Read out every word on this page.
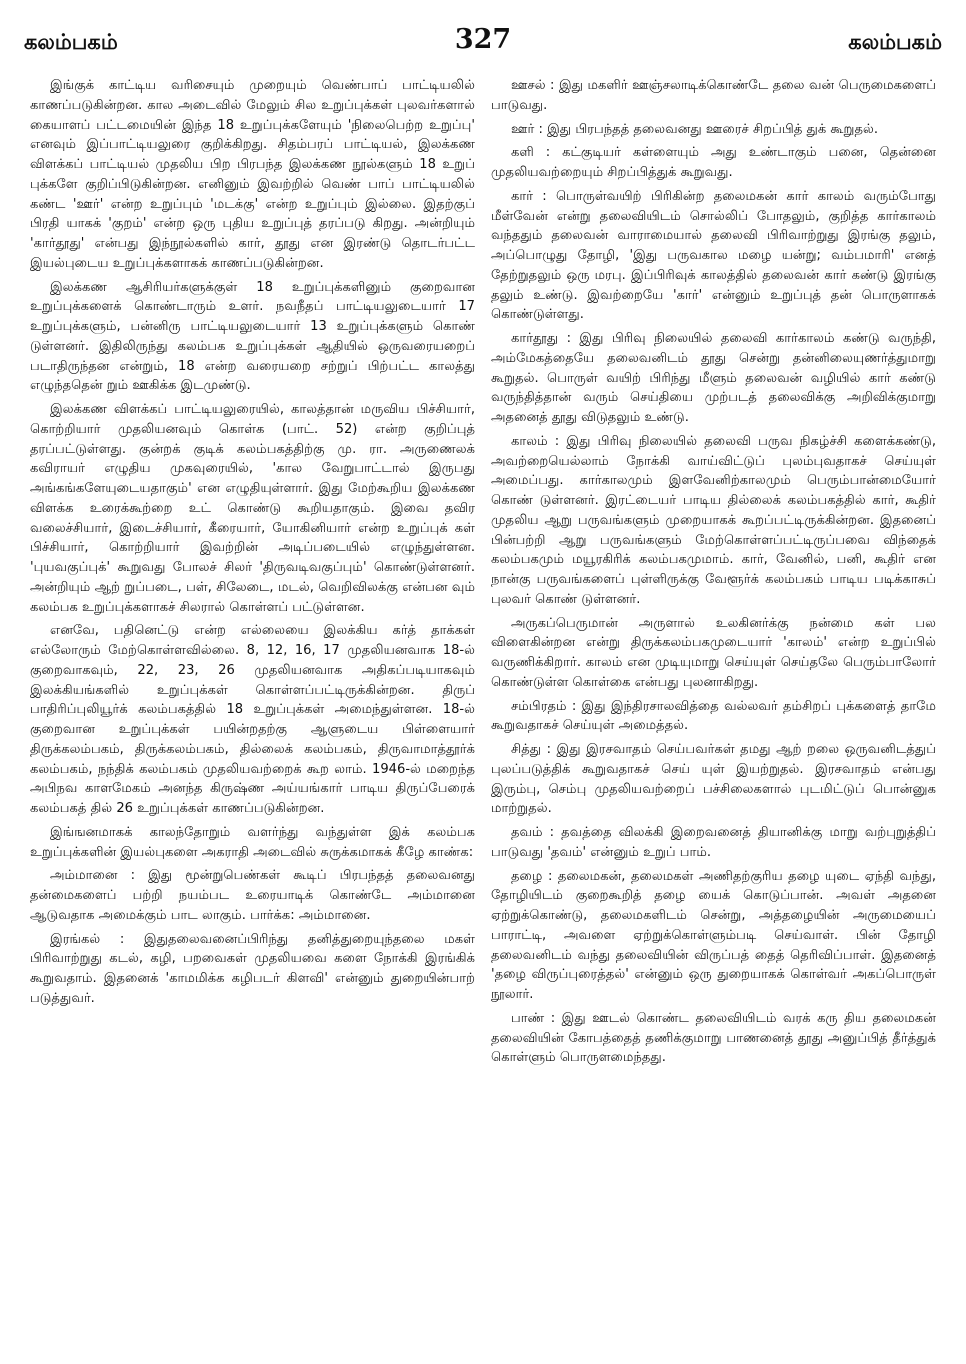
கலம்பகம்	327	கலம்பகம்

இங்குக் காட்டிய வரிசையும் முறையும் வெண்பாப் பாட்டியலில் காணப்படுகின்றன. கால அடைவில் மேலும் சில உறுப்புக்கள் புலவர்களால் கையாளப் பட்டமையின் இந்த 18 உறுப்புக்களேயும் 'நிலைபெற்ற உறுப்பு' எனவும் இப்பாட்டியலுரை குறிக்கிறது. சிதம்பரப் பாட்டியல், இலக்கண விளக்கப் பாட்டியல் முதலிய பிற பிரபந்த இலக்கண நூல்களும் 18 உறுப் புக்களே குறிப்பிடுகின்றன. எனினும் இவற்றில் வெண் பாப் பாட்டியலில் கண்ட 'ஊர்' என்ற உறுப்பும் 'மடக்கு' என்ற உறுப்பும் இல்லை. இதற்குப் பிரதி யாகக் 'குறம்' என்ற ஒரு புதிய உறுப்புத் தரப்படு கிறது. அன்றியும் 'கார்தூது' என்பது இந்நூல்களில் கார், தூது என இரண்டு தொடர்பட்ட இயல்புடைய உறுப்புக்களாகக் காணப்படுகின்றன.

இலக்கண ஆசிரியர்களுக்குள் 18 உறுப்புக்களினும் குறைவான உறுப்புக்களைக் கொண்டாரும் உளர். நவநீதப் பாட்டியலுடையார் 17 உறுப்புக்களும், பன்னிரு பாட்டியலுடையார் 13 உறுப்புக்களும் கொண் டுள்ளனர். இதிலிருந்து கலம்பக உறுப்புக்கள் ஆதியில் ஒருவரையறைப் படாதிருந்தன என்றும், 18 என்ற வரையறை சற்றுப் பிற்பட்ட காலத்து எழுந்ததென் றும் ஊகிக்க இடமுண்டு.

இலக்கண விளக்கப் பாட்டியலுரையில், காலத்தான் மருவிய பிச்சியார், கொற்றியார் முதலியனவும் கொள்க (பாட். 52) என்ற குறிப்புத் தரப்பட்டுள்ளது. குன்றக் குடிக் கலம்பகத்திற்கு மு. ரா. அருணைலக் கவிராயர் எழுதிய முகவுரையில், 'கால வேறுபாட்டால் இருபது அங்கங்களேயுடையதாகும்' என எழுதியுள்ளார். இது மேற்கூறிய இலக்கண விளக்க உரைக்கூற்றை உட் கொண்டு கூறியதாகும். இவை தவிர வலைச்சியார், இடைச்சியார், கீரையார், யோகினியார் என்ற உறுப்புக் கள் பிச்சியார், கொற்றியார் இவற்றின் அடிப்படையில் எழுந்துள்ளன. 'புயவகுப்புக்' கூறுவது போலச் சிலர் 'திருவடிவகுப்பும்' கொண்டுள்ளனர். அன்றியும் ஆற் றுப்படை, பள், சிலேடை, மடல், வெறிவிலக்கு என்பன வும் கலம்பக உறுப்புக்களாகச் சிலரால் கொள்ளப் பட்டுள்ளன.

எனவே, பதினெட்டு என்ற எல்லையை இலக்கிய கர்த் தாக்கள் எல்லோரும் மேற்கொள்ளவில்லை. 8, 12, 16, 17 முதலியனவாக 18-ல் குறைவாகவும், 22, 23, 26 முதலியனவாக அதிகப்படியாகவும் இலக்கியங்களில் உறுப்புக்கள் கொள்ளப்பட்டிருக்கின்றன. திருப் பாதிரிப்புலியூர்க் கலம்பகத்தில் 18 உறுப்புக்கள் அமைந்துள்ளன. 18-ல் குறைவான உறுப்புக்கள் பயின்றதற்கு ஆளுடைய பிள்ளையார் திருக்கலம்பகம், திருக்கலம்பகம், தில்லைக் கலம்பகம், திருவாமாத்தூர்க் கலம்பகம், நந்திக் கலம்பகம் முதலியவற்றைக் கூற லாம். 1946-ல் மறைந்த அபிநவ காளமேகம் அனந்த கிருஷ்ண அய்யங்கார் பாடிய திருப்பேரைக் கலம்பகத் தில் 26 உறுப்புக்கள் காணப்படுகின்றன.

இங்ஙனமாகக் காலந்தோறும் வளர்ந்து வந்துள்ள இக் கலம்பக உறுப்புக்களின் இயல்புகளை அகராதி அடைவில் சுருக்கமாகக் கீழே காண்க:

அம்மானை : இது மூன்றுபெண்கள் கூடிப் பிரபந்தத் தலைவனது தன்மைகளைப் பற்றி நயம்பட உரையாடிக் கொண்டே அம்மானை ஆடுவதாக அமைக்கும் பாட லாகும். பார்க்க: அம்மானை.

இரங்கல் : இதுதலைவனைப்பிரிந்து தனித்துறையுந்தலை மகள் பிரிவாற்றுது கடல், கழி, பறவைகள் முதலியவை களை நோக்கி இரங்கிக் கூறுவதாம். இதனைக் 'காமமிக்க கழிபடர் கிளவி' என்னும் துறையின்பாற் படுத்துவர்.

ஊசல் : இது மகளிர் ஊஞ்சலாடிக்கொண்டே தலை வன் பெருமைகளைப் பாடுவது.

ஊர் : இது பிரபந்தத் தலைவனது ஊரைச் சிறப்பித் துக் கூறுதல்.

களி : கட்குடியர் கள்ளையும் அது உண்டாகும் பனை, தென்னை முதலியவற்றையும் சிறப்பித்துக் கூறுவது.

கார் : பொருள்வயிற் பிரிகின்ற தலைமகன் கார் காலம் வரும்போது மீள்வேன் என்று தலைவியிடம் சொல்லிப் போதலும், குறித்த கார்காலம் வந்ததும் தலைவன் வாராமையால் தலைவி பிரிவாற்றுது இரங்கு தலும், அப்பொழுது தோழி, 'இது பருவகால மழை யன்று; வம்பமாரி' எனத் தேற்றுதலும் ஒரு மரபு. இப்பிரிவுக் காலத்தில் தலைவன் கார் கண்டு இரங்கு தலும் உண்டு. இவற்றையே 'கார்' என்னும் உறுப்புத் தன் பொருளாகக் கொண்டுள்ளது.

கார்தூது : இது பிரிவு நிலையில் தலைவி கார்காலம் கண்டு வருந்தி, அம்மேகத்தையே தலைவனிடம் தூது சென்று தன்னிலையுணர்த்துமாறு கூறுதல். பொருள் வயிற் பிரிந்து மீளும் தலைவன் வழியில் கார் கண்டு வருந்தித்தான் வரும் செய்தியை முற்படத் தலைவிக்கு அறிவிக்குமாறு அதனைத் தூது விடுதலும் உண்டு.

காலம் : இது பிரிவு நிலையில் தலைவி பருவ நிகழ்ச்சி களைக்கண்டு, அவற்றையெல்லாம் நோக்கி வாய்விட்டுப் புலம்புவதாகச் செய்யுள் அமைப்பது. கார்காலமும் இளவேனிற்காலமும் பெரும்பான்மையோர் கொண் டுள்ளனர். இரட்டையர் பாடிய தில்லைக் கலம்பகத்தில் கார், கூதிர் முதலிய ஆறு பருவங்களும் முறையாகக் கூறப்பட்டிருக்கின்றன. இதனைப் பின்பற்றி ஆறு பருவங்களும் மேற்கொள்ளப்பட்டிருப்பவை விந்தைக் கலம்பகமும் மயூரகிரிக் கலம்பகமுமாம். கார், வேனில், பனி, கூதிர் என நான்கு பருவங்களைப் புள்ளிருக்கு வேளூர்க் கலம்பகம் பாடிய படிக்காசுப் புலவர் கொண் டுள்ளனர்.

அருகப்பெருமான் அருளால் உலகினர்க்கு நன்மை கள் பல விளைகின்றன என்று திருக்கலம்பகமுடையார் 'காலம்' என்ற உறுப்பில் வருணிக்கிறார். காலம் என முடியுமாறு செய்யுள் செய்தலே பெரும்பாலோர் கொண்டுள்ள கொள்கை என்பது புலனாகிறது.

சம்பிரதம் : இது இந்திரசாலவித்தை வல்லவர் தம்சிறப் புக்களைத் தாமே கூறுவதாகச் செய்யுள் அமைத்தல்.

சித்து : இது இரசவாதம் செய்பவர்கள் தமது ஆற் றலை ஒருவனிடத்துப் புலப்படுத்திக் கூறுவதாகச் செய் யுள் இயற்றுதல். இரசவாதம் என்பது இரும்பு, செம்பு முதலியவற்றைப் பச்சிலைகளால் புடமிட்டுப் பொன்னுக மாற்றுதல்.

தவம் : தவத்தை விலக்கி இறைவனைத் தியானிக்கு மாறு வற்புறுத்திப் பாடுவது 'தவம்' என்னும் உறுப் பாம்.

தழை : தலைமகன், தலைமகள் அணிதற்குரிய தழை யுடை ஏந்தி வந்து, தோழியிடம் குறைகூறித் தழை யைக் கொடுப்பான். அவள் அதனை ஏற்றுக்கொண்டு, தலைமகளிடம் சென்று, அத்தழையின் அருமையைப் பாராட்டி, அவளை ஏற்றுக்கொள்ளும்படி செய்வாள். பின் தோழி தலைவனிடம் வந்து தலைவியின் விருப்பத் தைத் தெரிவிப்பாள். இதனைத் 'தழை விருப்புரைத்தல்' என்னும் ஒரு துறையாகக் கொள்வர் அகப்பொருள் நூலார்.

பாண் : இது ஊடல் கொண்ட தலைவியிடம் வரக் கரு திய தலைமகன் தலைவியின் கோபத்தைத் தணிக்குமாறு பாணனைத் தூது அனுப்பித் தீர்த்துக் கொள்ளும் பொருளமைந்தது.
